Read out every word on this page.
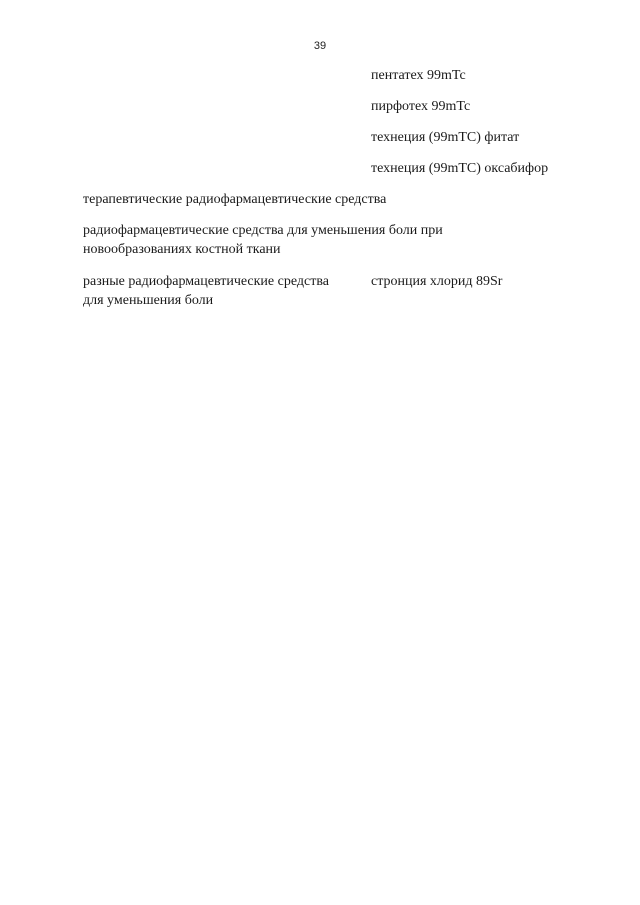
39
пентатех 99mTc
пирфотех 99mTc
технеция (99mTC) фитат
технеция (99mTC) оксабифор
терапевтические радиофармацевтические средства
радиофармацевтические средства для уменьшения боли при
новообразованиях костной ткани
разные радиофармацевтические средства
для уменьшения боли
стронция хлорид 89Sr
